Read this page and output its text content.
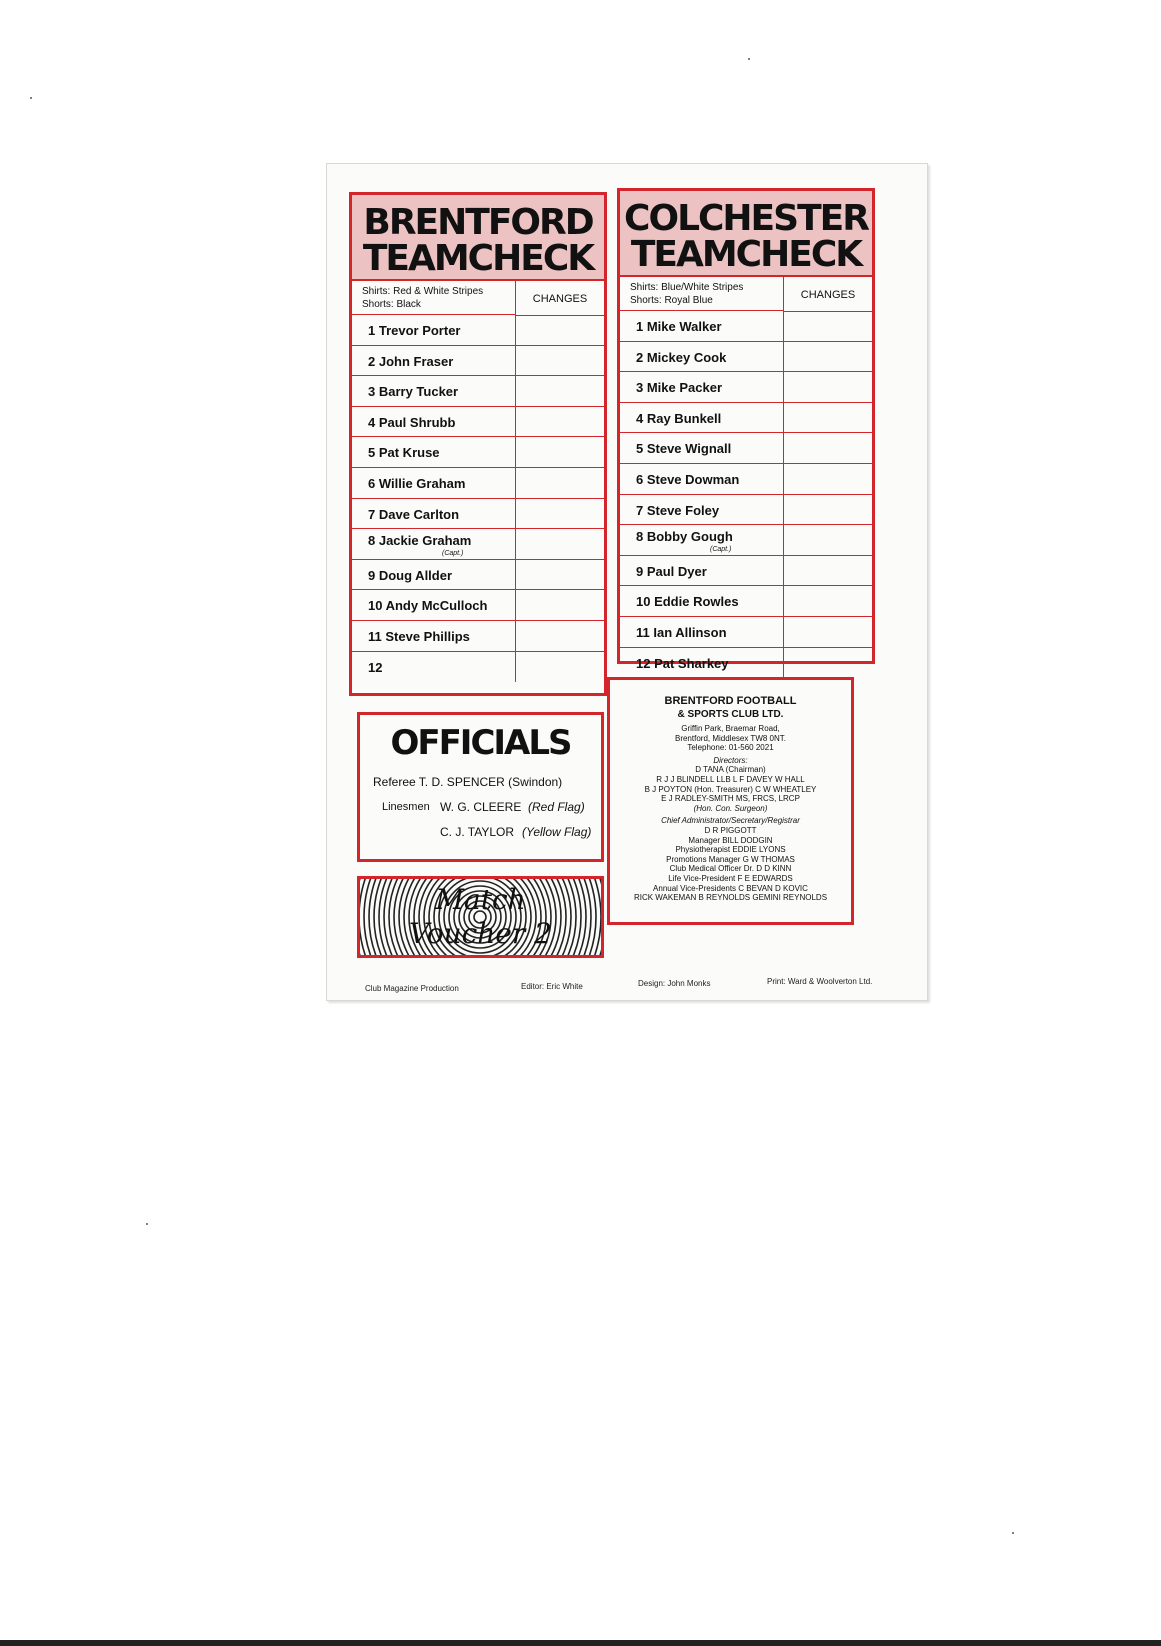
BRENTFORD
TEAMCHECK
Shirts: Red & White Stripes
Shorts: Black	CHANGES
1 Trevor Porter
2 John Fraser
3 Barry Tucker
4 Paul Shrubb
5 Pat Kruse
6 Willie Graham
7 Dave Carlton
8 Jackie Graham
(Capt.)
9 Doug Allder
10 Andy McCulloch
11 Steve Phillips
12
COLCHESTER
TEAMCHECK
Shirts: Blue/White Stripes
Shorts: Royal Blue	CHANGES
1 Mike Walker
2 Mickey Cook
3 Mike Packer
4 Ray Bunkell
5 Steve Wignall
6 Steve Dowman
7 Steve Foley
8 Bobby Gough
(Capt.)
9 Paul Dyer
10 Eddie Rowles
11 Ian Allinson
12 Pat Sharkey
OFFICIALS
Referee T. D. SPENCER (Swindon)
Linesmen W. G. CLEERE (Red Flag)
C. J. TAYLOR (Yellow Flag)
Match
Voucher 2
BRENTFORD FOOTBALL
& SPORTS CLUB LTD.
Griffin Park, Braemar Road,
Brentford, Middlesex TW8 0NT.
Telephone: 01-560 2021
Directors:
D TANA (Chairman)
R J J BLINDELL LLB L F DAVEY W HALL
B J POYTON (Hon. Treasurer) C W WHEATLEY
E J RADLEY-SMITH MS, FRCS, LRCP
(Hon. Con. Surgeon)
Chief Administrator/Secretary/Registrar
D R PIGGOTT
Manager BILL DODGIN
Physiotherapist EDDIE LYONS
Promotions Manager G W THOMAS
Club Medical Officer Dr. D D KINN
Life Vice-President F E EDWARDS
Annual Vice-Presidents C BEVAN D KOVIC
RICK WAKEMAN B REYNOLDS GEMINI REYNOLDS
Club Magazine Production	Editor: Eric White	Design: John Monks	Print: Ward & Woolverton Ltd.
